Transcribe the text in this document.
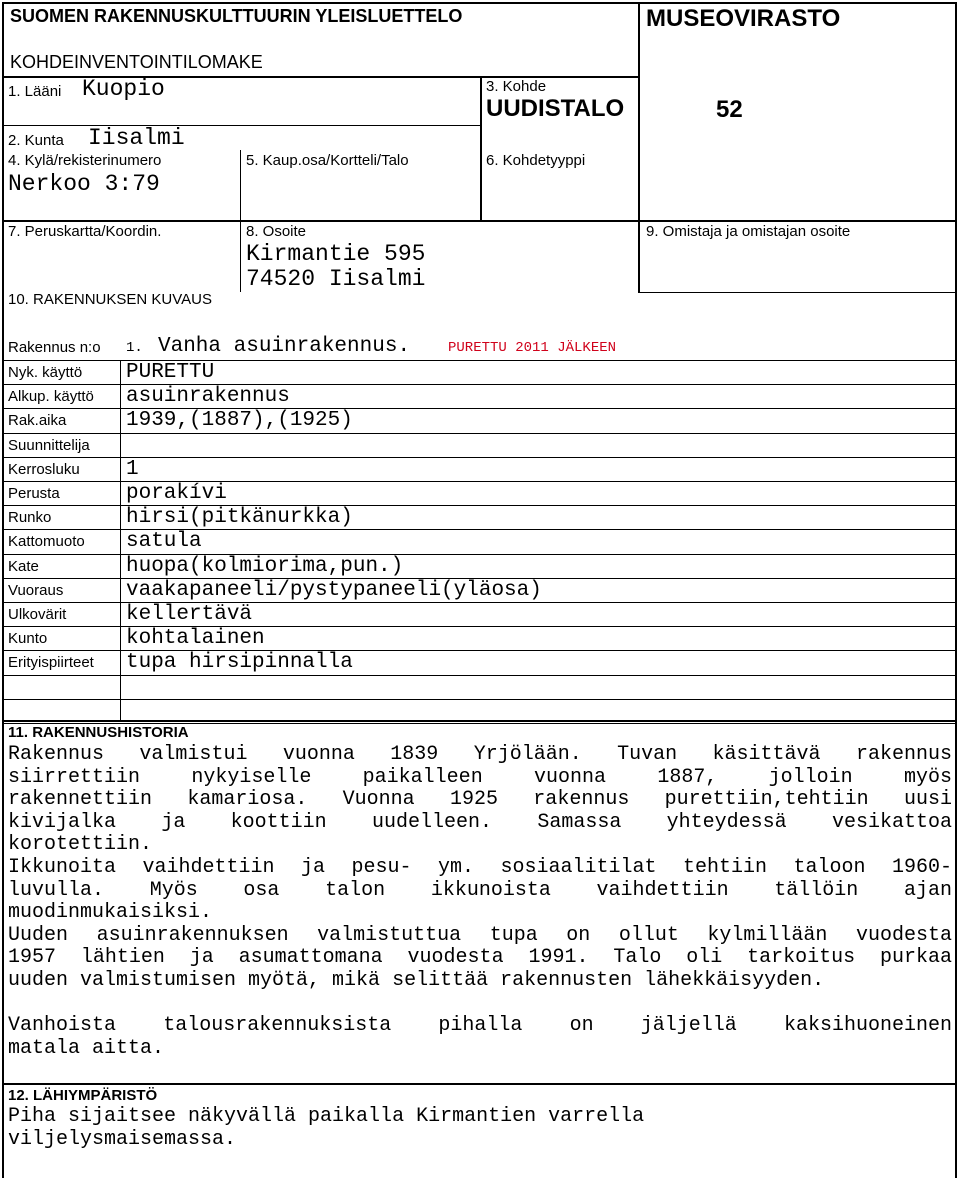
SUOMEN RAKENNUSKULTTUURIN YLEISLUETTELO
KOHDEINVENTOINTILOMAKE
MUSEOVIRASTO
1. Lääni Kuopio
2. Kunta Iisalmi
4. Kylä/rekisterinumero
Nerkoo 3:79
5. Kaup.osa/Kortteli/Talo
3. Kohde
UUDISTALO	52
6. Kohdetyyppi
7. Peruskartta/Koordin.	8. Osoite
Kirmantie 595
74520 Iisalmi
9. Omistaja ja omistajan osoite
10. RAKENNUKSEN KUVAUS
Rakennus n:o 1. Vanha asuinrakennus.	PURETTU 2011 JÄLKEEN
Nyk. käyttö PURETTU
Alkup. käyttö asuinrakennus
Rak.aika	1939,(1887),(1925)
Suunnittelija
Kerrosluku 1
Perusta	porakívi
Runko	hirsi(pitkänurkka)
Kattomuoto satula
Kate	huopa(kolmiorima,pun.)
Vuoraus	vaakapaneeli/pystypaneeli(yläosa)
Ulkovärit	kellertävä
Kunto	kohtalainen
Erityispiirteet tupa hirsipinnalla
11. RAKENNUSHISTORIA
Rakennus valmistui vuonna 1839 Yrjölään. Tuvan käsittävä rakennus
siirrettiin nykyiselle paikalleen vuonna 1887, jolloin myös
rakennettiin kamariosa. Vuonna 1925 rakennus purettiin,tehtiin uusi
kivijalka ja koottiin uudelleen. Samassa yhteydessä vesikattoa
korotettiin.
Ikkunoita vaihdettiin ja pesu- ym. sosiaalitilat tehtiin taloon 1960-
luvulla. Myös osa talon ikkunoista vaihdettiin tällöin ajan
muodinmukaisiksi.
Uuden asuinrakennuksen valmistuttua tupa on ollut kylmillään vuodesta
1957 lähtien ja asumattomana vuodesta 1991. Talo oli tarkoitus purkaa
uuden valmistumisen myötä, mikä selittää rakennusten lähekkäisyyden.

Vanhoista talousrakennuksista pihalla on jäljellä kaksihuoneinen
matala aitta.
12. LÄHIYMPÄRISTÖ
Piha sijaitsee näkyvällä paikalla Kirmantien varrella
viljelysmaisemassa.
